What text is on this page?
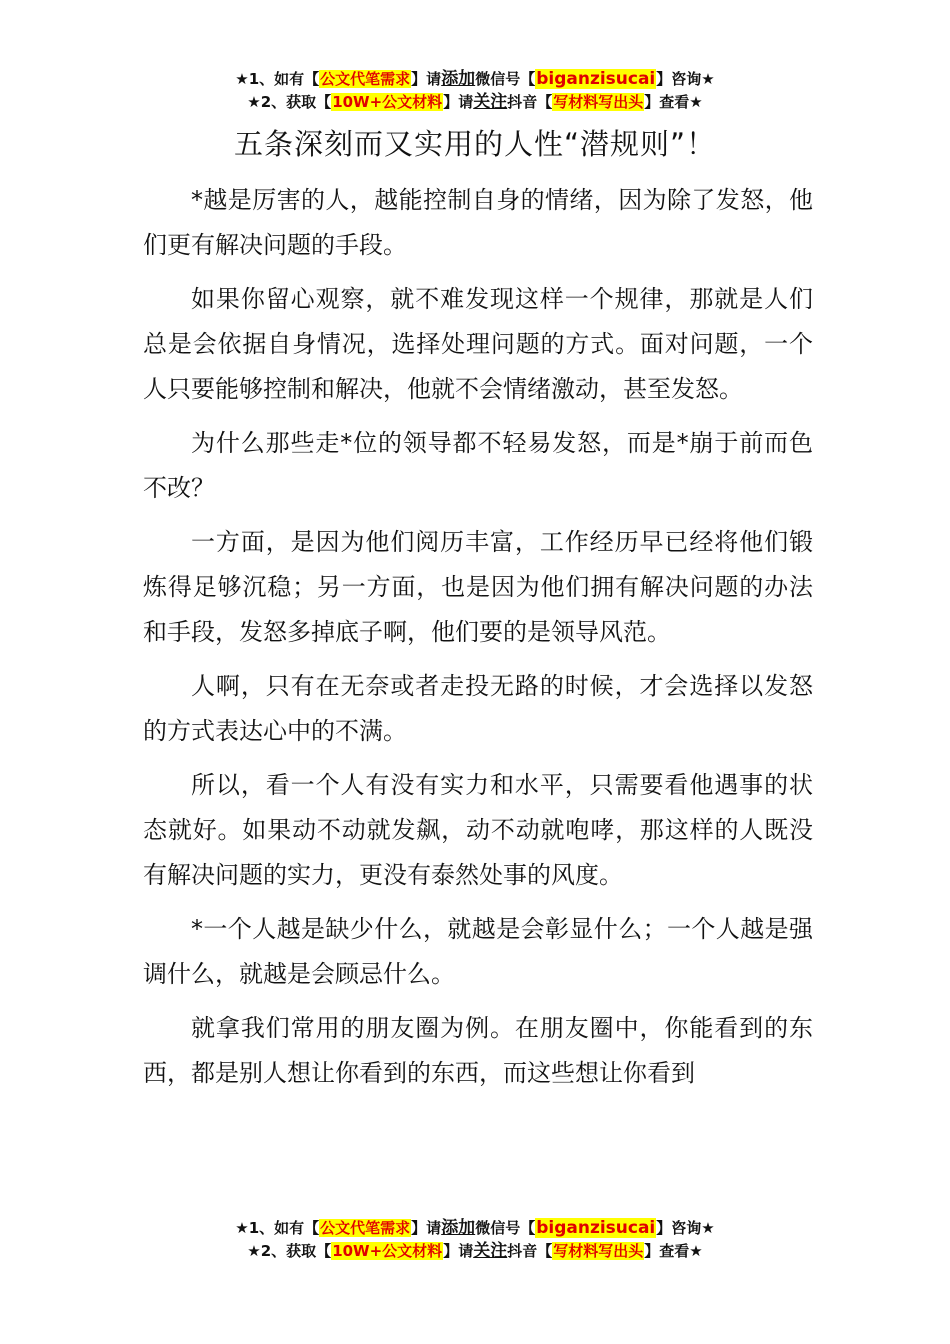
★1、如有【公文代笔需求】请添加微信号【biganzisucai】咨询★
★2、获取【10W+公文材料】请关注抖音【写材料写出头】查看★
五条深刻而又实用的人性“潜规则”！

*越是厉害的人，越能控制自身的情绪，因为除了发怒，他们更有解决问题的手段。

如果你留心观察，就不难发现这样一个规律，那就是人们总是会依据自身情况，选择处理问题的方式。面对问题，一个人只要能够控制和解决，他就不会情绪激动，甚至发怒。

为什么那些走*位的领导都不轻易发怒，而是*崩于前而色不改？

一方面，是因为他们阅历丰富，工作经历早已经将他们锻炼得足够沉稳；另一方面，也是因为他们拥有解决问题的办法和手段，发怒多掉底子啊，他们要的是领导风范。

人啊，只有在无奈或者走投无路的时候，才会选择以发怒的方式表达心中的不满。

所以，看一个人有没有实力和水平，只需要看他遇事的状态就好。如果动不动就发飙，动不动就咆哮，那这样的人既没有解决问题的实力，更没有泰然处事的风度。

*一个人越是缺少什么，就越是会彰显什么；一个人越是强调什么，就越是会顾忌什么。

就拿我们常用的朋友圈为例。在朋友圈中，你能看到的东西，都是别人想让你看到的东西，而这些想让你看到

★1、如有【公文代笔需求】请添加微信号【biganzisucai】咨询★
★2、获取【10W+公文材料】请关注抖音【写材料写出头】查看★
